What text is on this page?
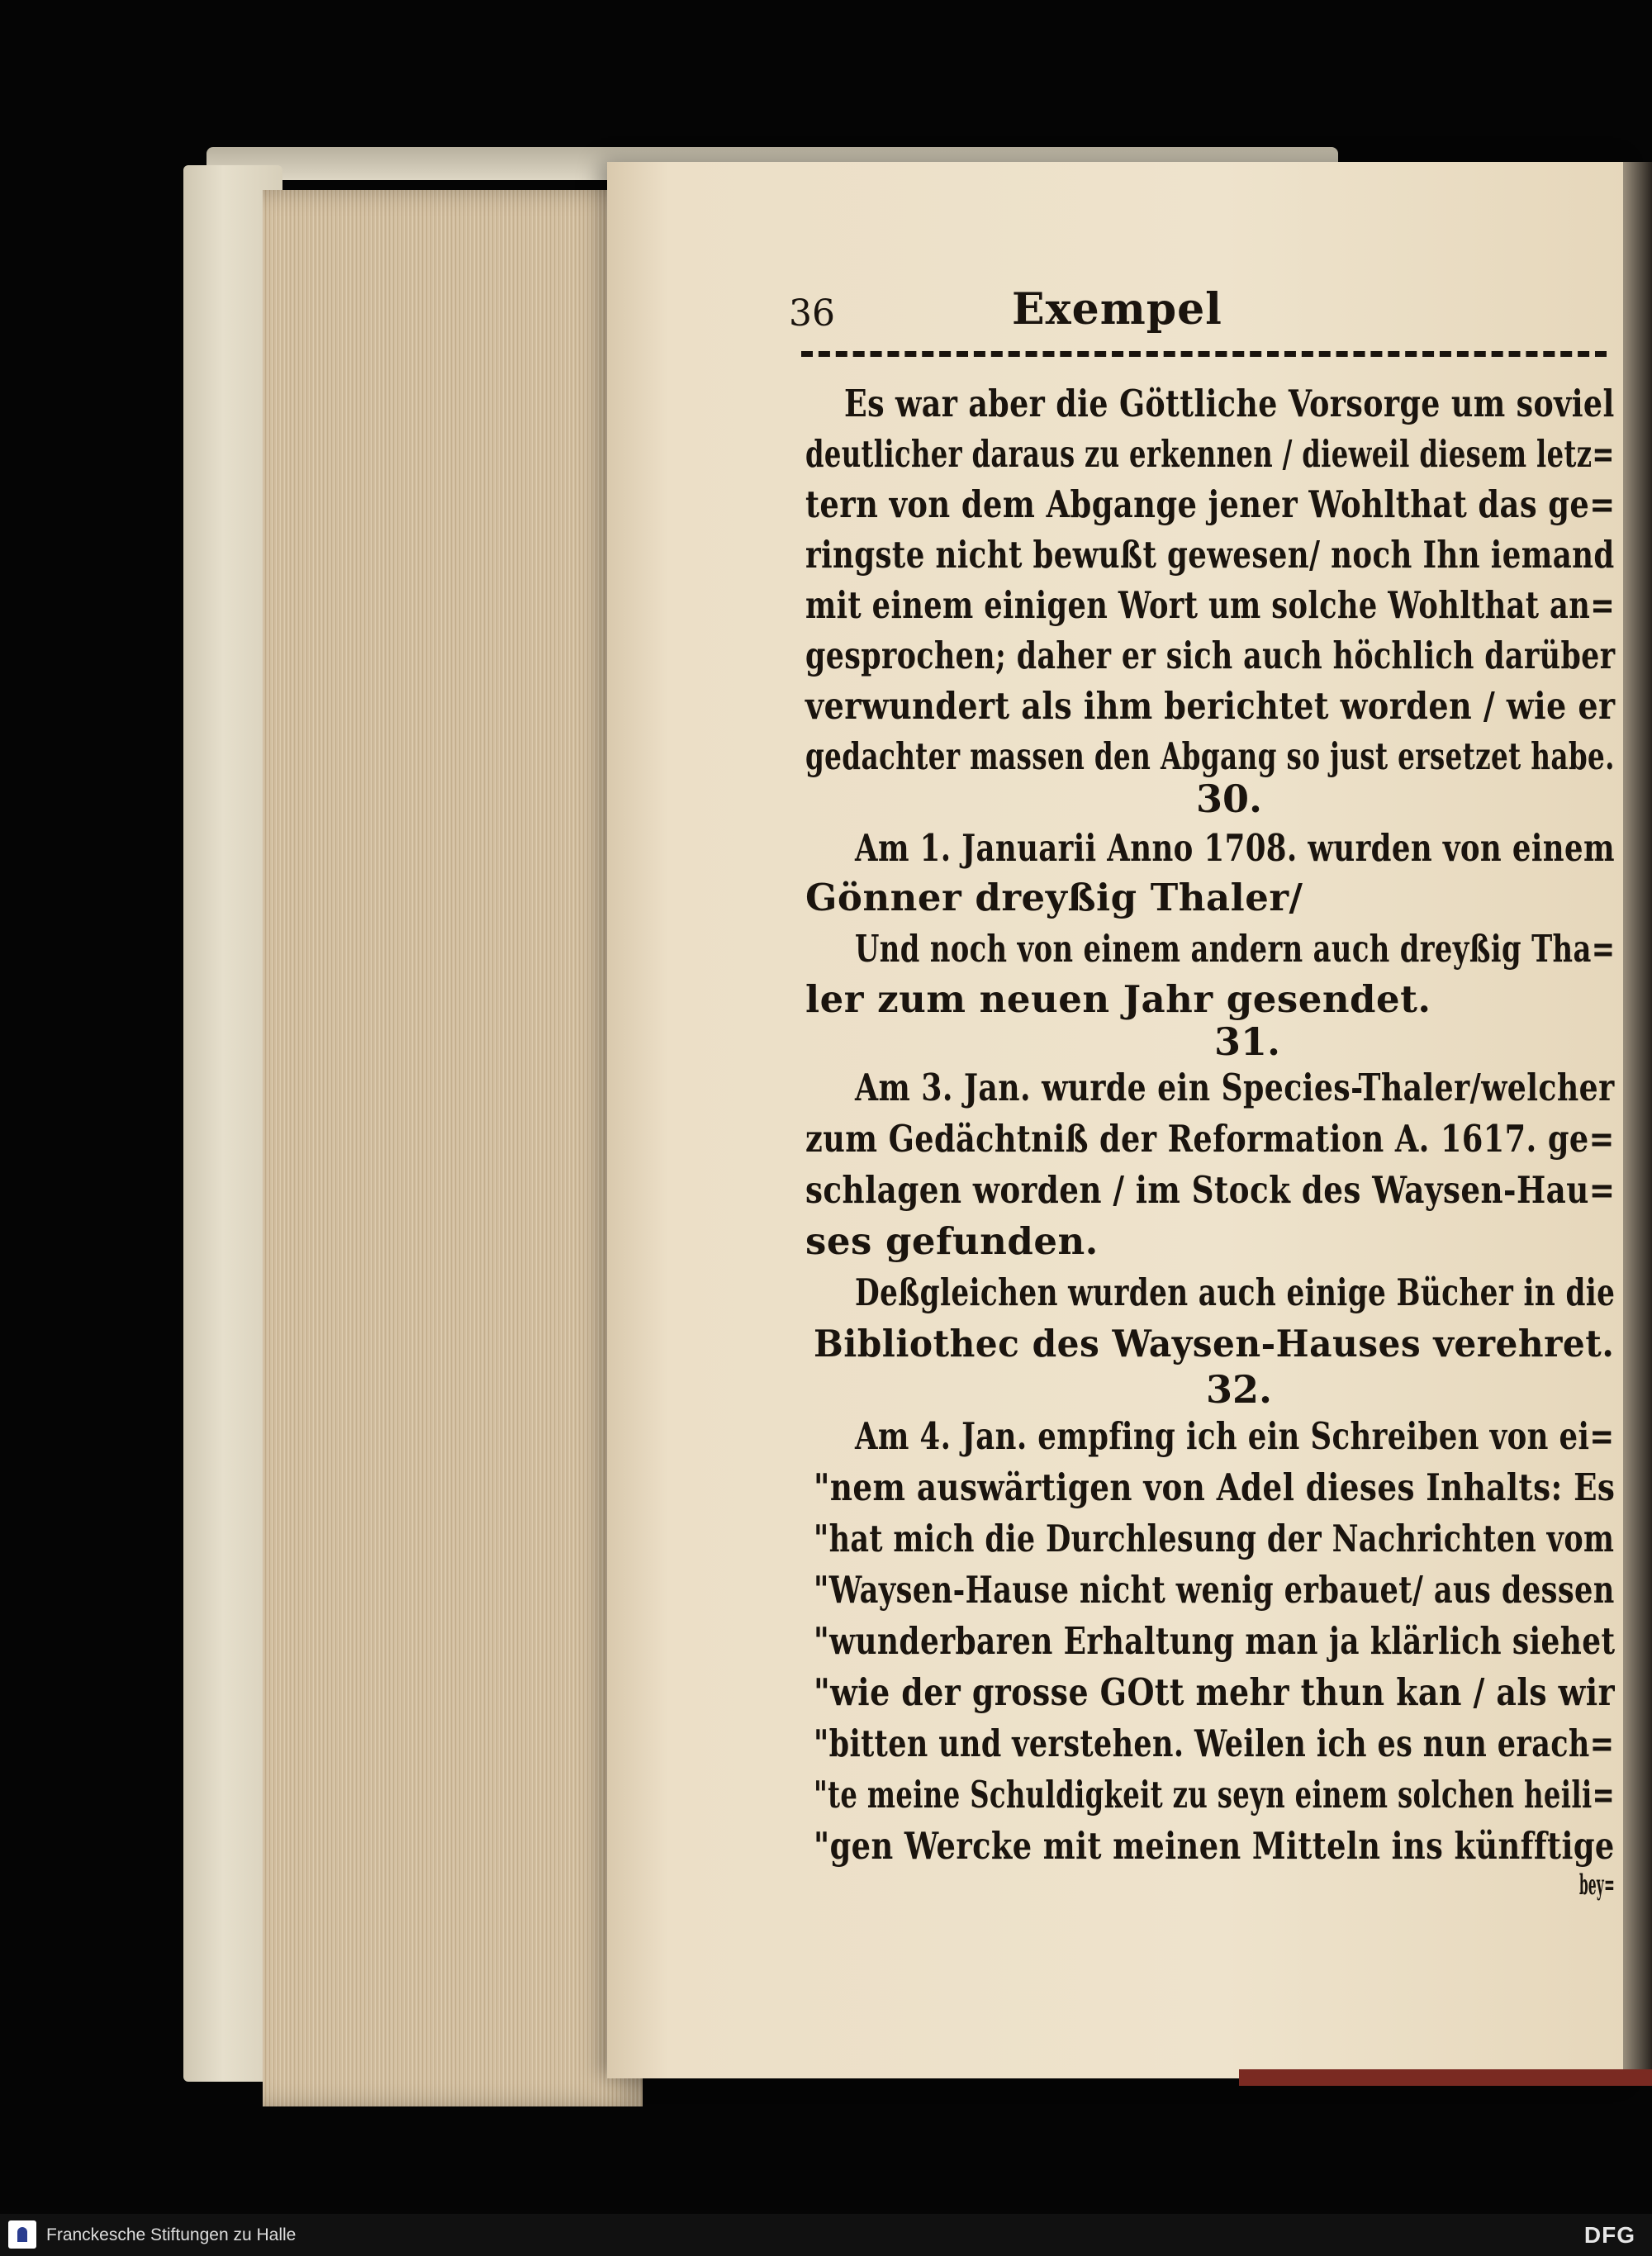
36	Exempel
Es war aber die Göttliche Vorsorge um soviel
deutlicher daraus zu erkennen / dieweil diesem letz=
tern von dem Abgange jener Wohlthat das ge=
ringste nicht bewußt gewesen/ noch Ihn iemand
mit einem einigen Wort um solche Wohlthat an=
gesprochen; daher er sich auch höchlich darüber
verwundert als ihm berichtet worden / wie er
gedachter massen den Abgang so just ersetzet habe.
30.
Am 1. Januarii Anno 1708. wurden von einem
Gönner dreyßig Thaler/
Und noch von einem andern auch dreyßig Tha=
ler zum neuen Jahr gesendet.
31.
Am 3. Jan. wurde ein Species-Thaler/welcher
zum Gedächtniß der Reformation A. 1617. ge=
schlagen worden / im Stock des Waysen-Hau=
ses gefunden.
Deßgleichen wurden auch einige Bücher in die
Bibliothec des Waysen-Hauses verehret.
32.
Am 4. Jan. empfing ich ein Schreiben von ei=
"nem auswärtigen von Adel dieses Inhalts: Es
"hat mich die Durchlesung der Nachrichten vom
"Waysen-Hause nicht wenig erbauet/ aus dessen
"wunderbaren Erhaltung man ja klärlich siehet
"wie der grosse GOtt mehr thun kan / als wir
"bitten und verstehen. Weilen ich es nun erach=
"te meine Schuldigkeit zu seyn einem solchen heili=
"gen Wercke mit meinen Mitteln ins künfftige
bey=
Franckesche Stiftungen zu Halle	DFG
